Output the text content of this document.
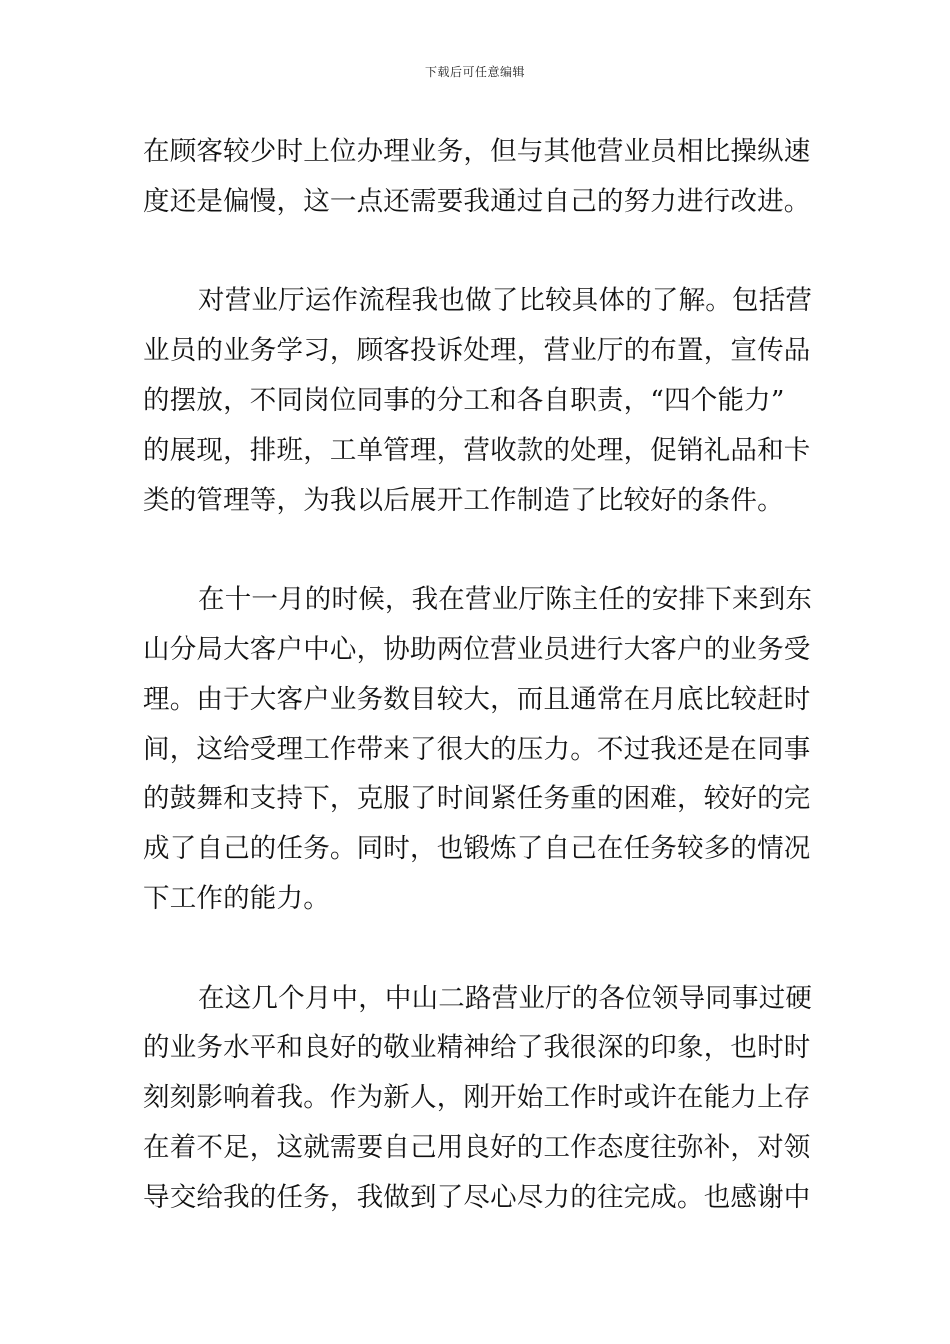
下载后可任意编辑
在顾客较少时上位办理业务，但与其他营业员相比操纵速
度还是偏慢，这一点还需要我通过自己的努力进行改进。
对营业厅运作流程我也做了比较具体的了解。包括营
业员的业务学习，顾客投诉处理，营业厅的布置，宣传品
的摆放，不同岗位同事的分工和各自职责，“四个能力”
的展现，排班，工单管理，营收款的处理，促销礼品和卡
类的管理等，为我以后展开工作制造了比较好的条件。
在十一月的时候，我在营业厅陈主任的安排下来到东
山分局大客户中心，协助两位营业员进行大客户的业务受
理。由于大客户业务数目较大，而且通常在月底比较赶时
间，这给受理工作带来了很大的压力。不过我还是在同事
的鼓舞和支持下，克服了时间紧任务重的困难，较好的完
成了自己的任务。同时，也锻炼了自己在任务较多的情况
下工作的能力。
在这几个月中，中山二路营业厅的各位领导同事过硬
的业务水平和良好的敬业精神给了我很深的印象，也时时
刻刻影响着我。作为新人，刚开始工作时或许在能力上存
在着不足，这就需要自己用良好的工作态度往弥补，对领
导交给我的任务，我做到了尽心尽力的往完成。也感谢中
